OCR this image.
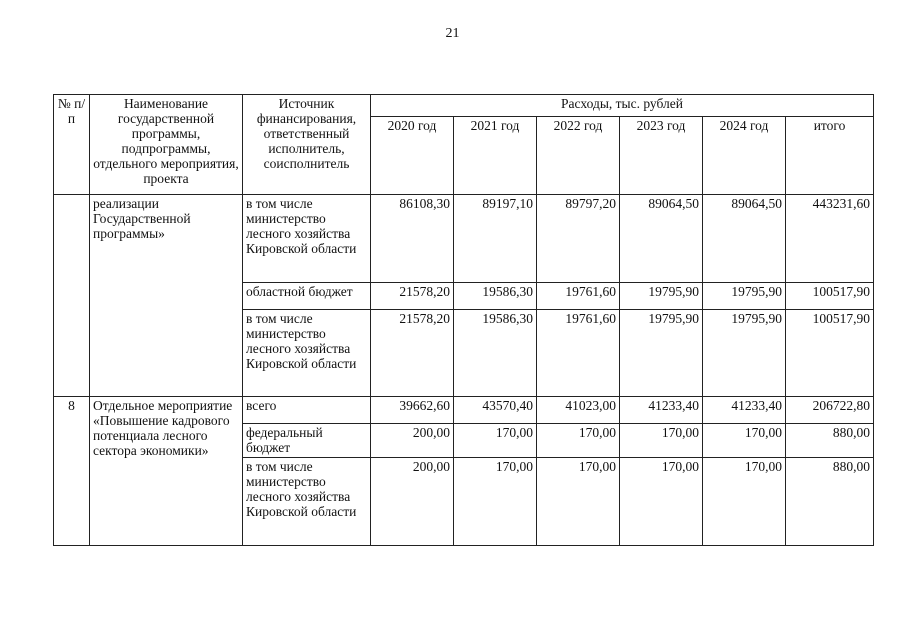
21
№ п/п	Наименование государственной программы, подпрограммы, отдельного мероприятия, проекта	Источник финансирования, ответственный исполнитель, соисполнитель	Расходы, тыс. рублей					
			2020 год	2021 год	2022 год	2023 год	2024 год	итого
	реализации Государственной программы»	в том числе министерство лесного хозяйства Кировской области	86108,30	89197,10	89797,20	89064,50	89064,50	443231,60
		областной бюджет	21578,20	19586,30	19761,60	19795,90	19795,90	100517,90
		в том числе министерство лесного хозяйства Кировской области	21578,20	19586,30	19761,60	19795,90	19795,90	100517,90
8	Отдельное мероприятие «Повышение кадрового потенциала лесного сектора экономики»	всего	39662,60	43570,40	41023,00	41233,40	41233,40	206722,80
		федеральный бюджет	200,00	170,00	170,00	170,00	170,00	880,00
		в том числе министерство лесного хозяйства Кировской области	200,00	170,00	170,00	170,00	170,00	880,00
